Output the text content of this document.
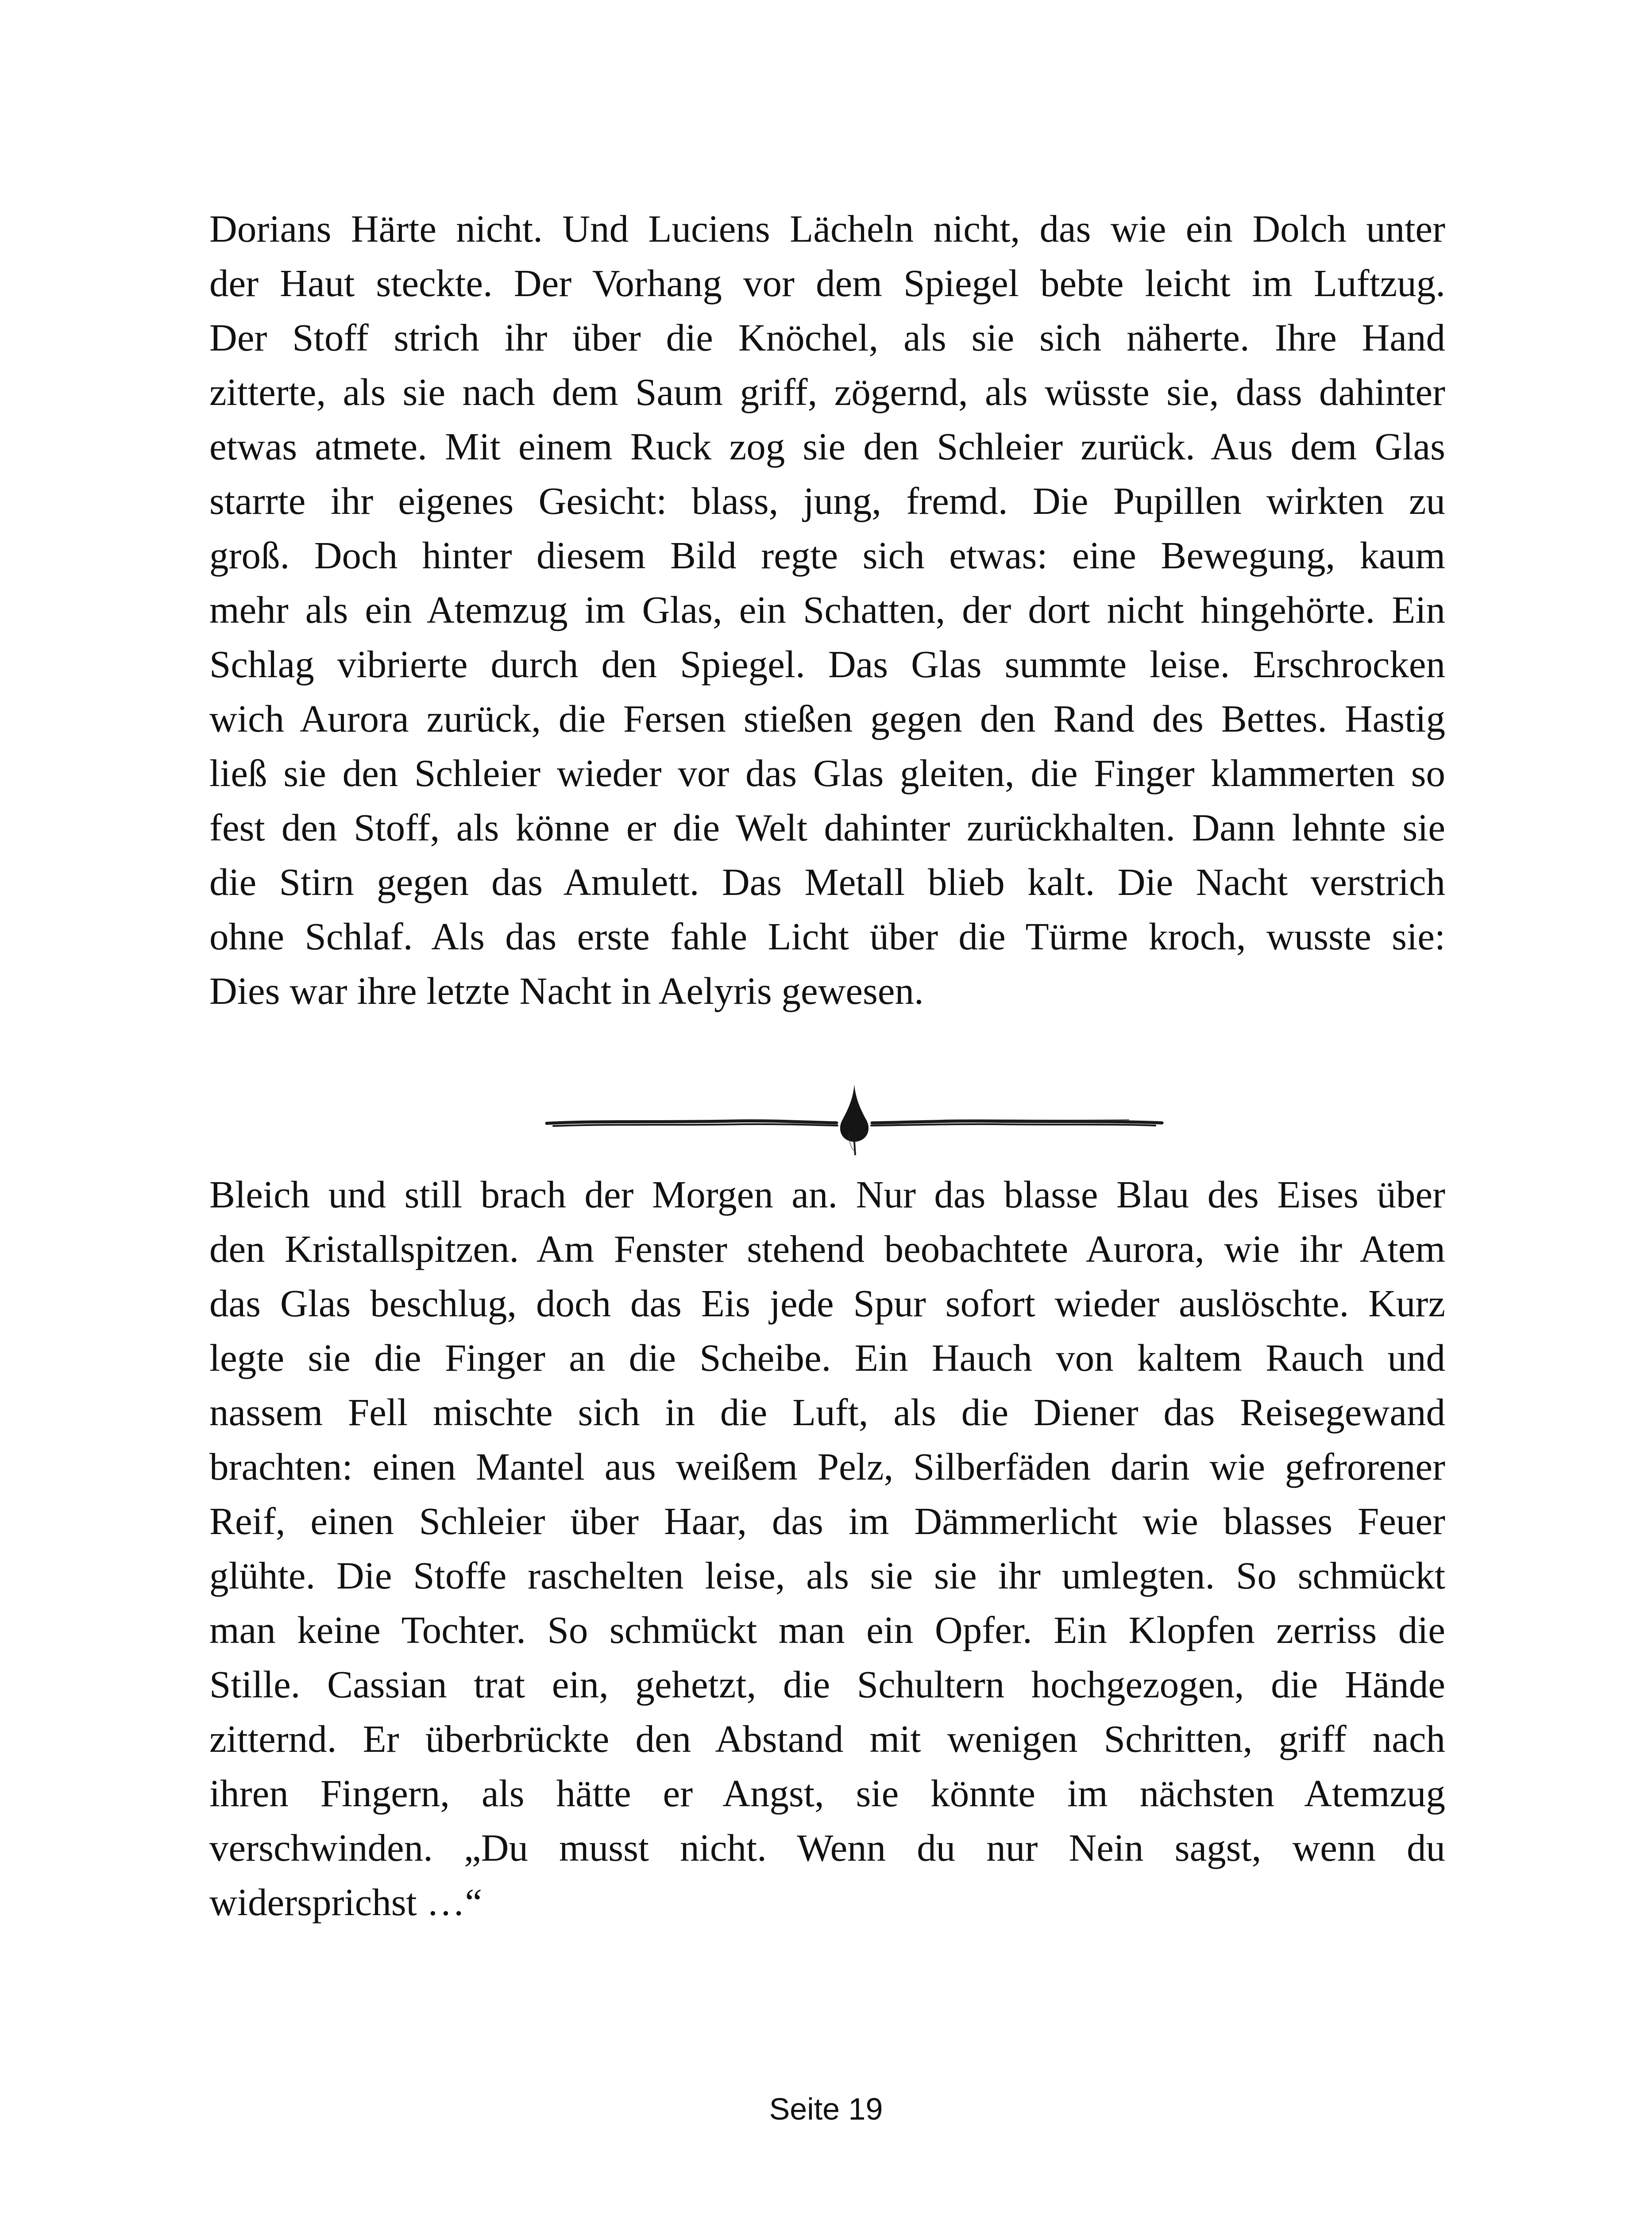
Dorians Härte nicht. Und Luciens Lächeln nicht, das wie ein Dolch unter
der Haut steckte. Der Vorhang vor dem Spiegel bebte leicht im Luftzug.
Der Stoff strich ihr über die Knöchel, als sie sich näherte. Ihre Hand
zitterte, als sie nach dem Saum griff, zögernd, als wüsste sie, dass dahinter
etwas atmete. Mit einem Ruck zog sie den Schleier zurück. Aus dem Glas
starrte ihr eigenes Gesicht: blass, jung, fremd. Die Pupillen wirkten zu
groß. Doch hinter diesem Bild regte sich etwas: eine Bewegung, kaum
mehr als ein Atemzug im Glas, ein Schatten, der dort nicht hingehörte. Ein
Schlag vibrierte durch den Spiegel. Das Glas summte leise. Erschrocken
wich Aurora zurück, die Fersen stießen gegen den Rand des Bettes. Hastig
ließ sie den Schleier wieder vor das Glas gleiten, die Finger klammerten so
fest den Stoff, als könne er die Welt dahinter zurückhalten. Dann lehnte sie
die Stirn gegen das Amulett. Das Metall blieb kalt. Die Nacht verstrich
ohne Schlaf. Als das erste fahle Licht über die Türme kroch, wusste sie:
Dies war ihre letzte Nacht in Aelyris gewesen.
Bleich und still brach der Morgen an. Nur das blasse Blau des Eises über
den Kristallspitzen. Am Fenster stehend beobachtete Aurora, wie ihr Atem
das Glas beschlug, doch das Eis jede Spur sofort wieder auslöschte. Kurz
legte sie die Finger an die Scheibe. Ein Hauch von kaltem Rauch und
nassem Fell mischte sich in die Luft, als die Diener das Reisegewand
brachten: einen Mantel aus weißem Pelz, Silberfäden darin wie gefrorener
Reif, einen Schleier über Haar, das im Dämmerlicht wie blasses Feuer
glühte. Die Stoffe raschelten leise, als sie sie ihr umlegten. So schmückt
man keine Tochter. So schmückt man ein Opfer. Ein Klopfen zerriss die
Stille. Cassian trat ein, gehetzt, die Schultern hochgezogen, die Hände
zitternd. Er überbrückte den Abstand mit wenigen Schritten, griff nach
ihren Fingern, als hätte er Angst, sie könnte im nächsten Atemzug
verschwinden. „Du musst nicht. Wenn du nur Nein sagst, wenn du
widersprichst …“
Seite 19
